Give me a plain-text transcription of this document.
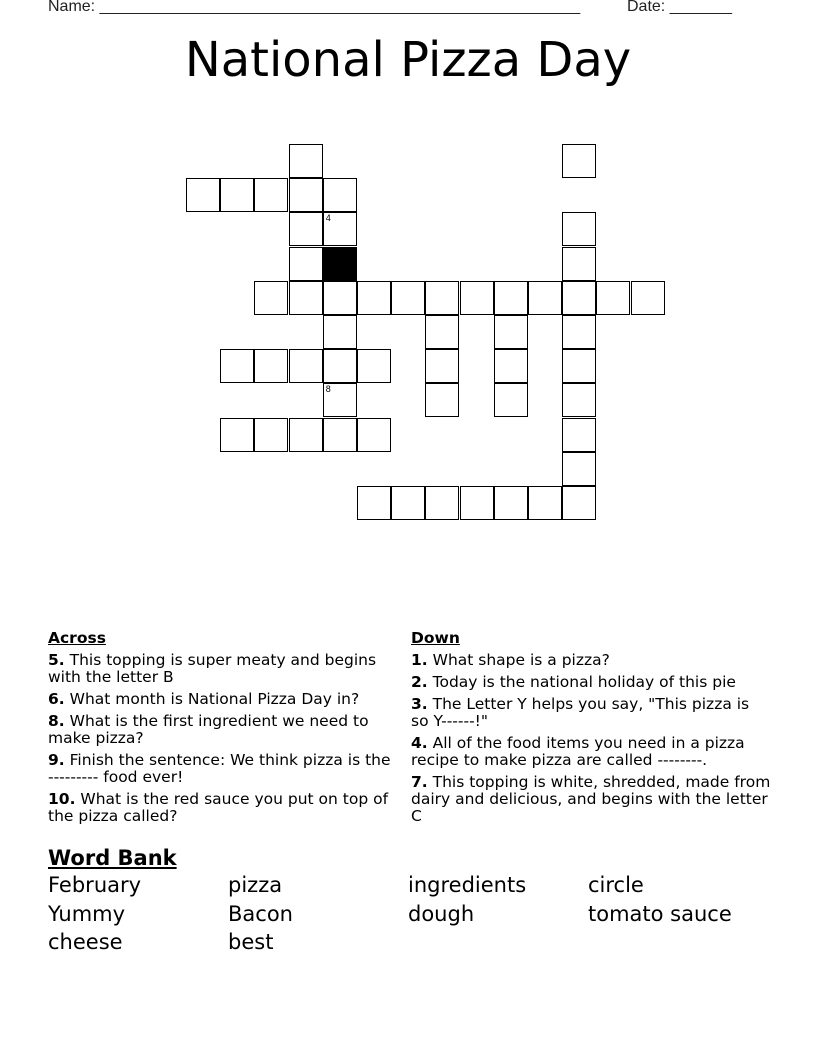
Name: ______________________________________________________	Date: _______
National Pizza Day
4
8
Across
5. This topping is super meaty and begins with the letter B
6. What month is National Pizza Day in?
8. What is the first ingredient we need to make pizza?
9. Finish the sentence: We think pizza is the --------- food ever!
10. What is the red sauce you put on top of the pizza called?
Down
1. What shape is a pizza?
2. Today is the national holiday of this pie
3. The Letter Y helps you say, "This pizza is so Y------!"
4. All of the food items you need in a pizza recipe to make pizza are called --------.
7. This topping is white, shredded, made from dairy and delicious, and begins with the letter C
Word Bank
February	pizza	ingredients	circle
Yummy	Bacon	dough	tomato sauce
cheese	best
